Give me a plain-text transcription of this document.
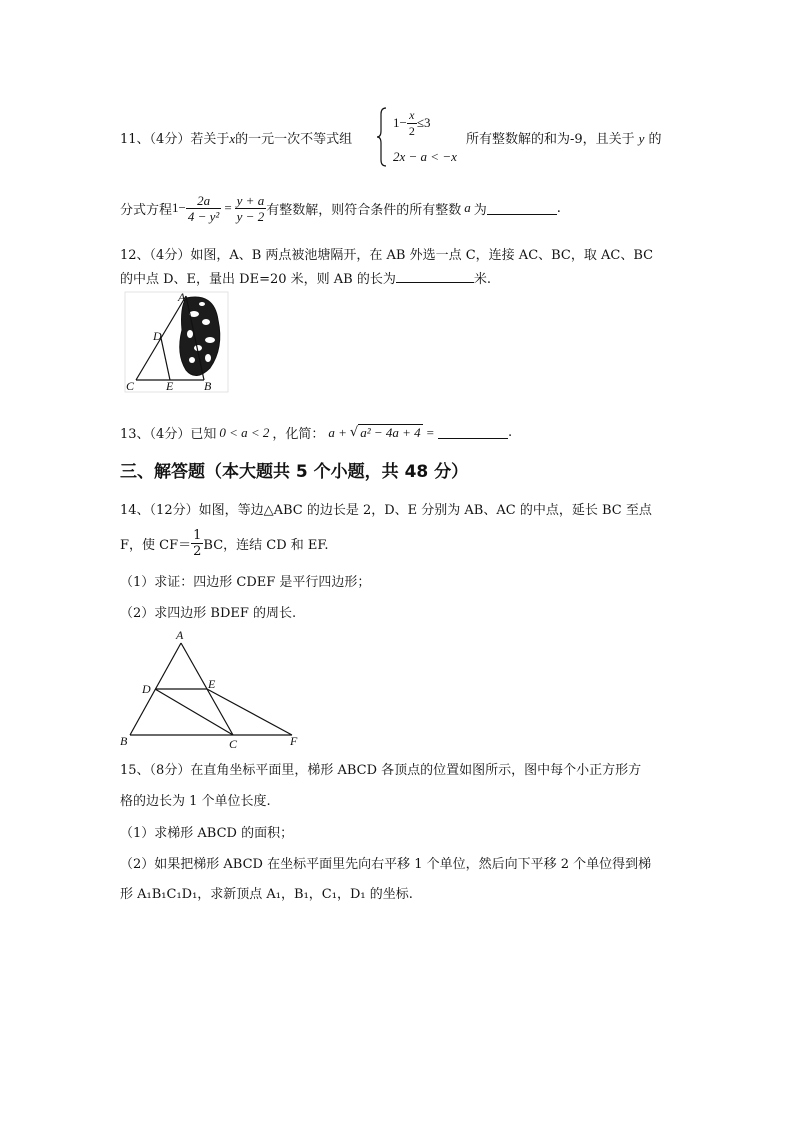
11、（4分）若关于x的一元一次不等式组
$1- \frac{x}{2} \le 3$
2x − a < −x
所有整数解的和为-9，且关于 y 的
分式方程 $1- \frac{2a}{\text{4 − y²}} = \frac{y + a}{y - 2}$ 有整数解，则符合条件的所有整数 a 为	.
12、（4分）如图，A、B 两点被池塘隔开，在 AB 外选一点 C，连接 AC、BC，取 AC、BC
的中点 D、E，量出 DE=20 米，则 AB 的长为	米.
A
D
C	E	B
13、（4分）已知 0 < a < 2 ，化简： a + √ a² − 4a + 4 =	.
三、解答题（本大题共 5 个小题，共 48 分）
14、（12分）如图，等边△ABC 的边长是 2，D、E 分别为 AB、AC 的中点，延长 BC 至点
F，使 $CF= \frac{1}{2}$ BC，连结 CD 和 EF.
（1）求证：四边形 CDEF 是平行四边形；
（2）求四边形 BDEF 的周长.
A
D	E
B	C	F
15、（8分）在直角坐标平面里，梯形 ABCD 各顶点的位置如图所示，图中每个小正方形方
格的边长为 1 个单位长度.
（1）求梯形 ABCD 的面积；
（2）如果把梯形 ABCD 在坐标平面里先向右平移 1 个单位，然后向下平移 2 个单位得到梯
形 A₁B₁C₁D₁，求新顶点 A₁，B₁，C₁，D₁ 的坐标.
